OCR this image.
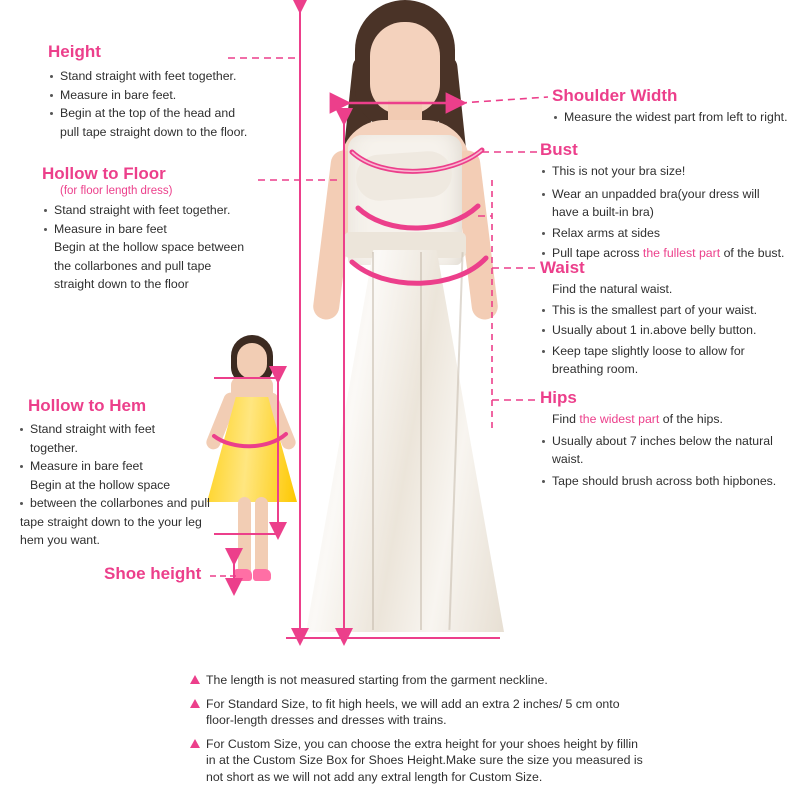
Height
Stand straight with feet together.
Measure in bare feet.
Begin at the top of the head and
pull tape straight down to the floor.
Hollow to Floor
(for floor length dress)
Stand straight with feet together.
Measure in bare feet
Begin at the hollow space between
the collarbones and pull tape
straight down to the floor
Hollow to Hem
Stand straight with feet
together.
Measure in bare feet
Begin at the hollow space
between the collarbones and pull
tape straight down to the your leg
hem you want.
Shoe height
Shoulder Width
Measure the widest part from left to right.
Bust
This is not your bra size!
Wear an unpadded bra(your dress will
have a built-in bra)
Relax arms at sides
Pull tape across the fullest part of the bust.
Waist
Find the natural waist.
This is the smallest part of your waist.
Usually about 1 in.above belly button.
Keep tape slightly loose to allow for
breathing room.
Hips
Find the widest part of the hips.
Usually about 7 inches below the natural
waist.
Tape should brush across both hipbones.
The length is not measured starting from the garment neckline.
For Standard Size, to fit high heels, we will add an extra 2 inches/ 5 cm onto
floor-length dresses and dresses with trains.
For Custom Size, you can choose the extra height for your shoes height by fillin
in at the Custom Size Box for Shoes Height.Make sure the size you measured is
not short as we will not add any extral length for Custom Size.
